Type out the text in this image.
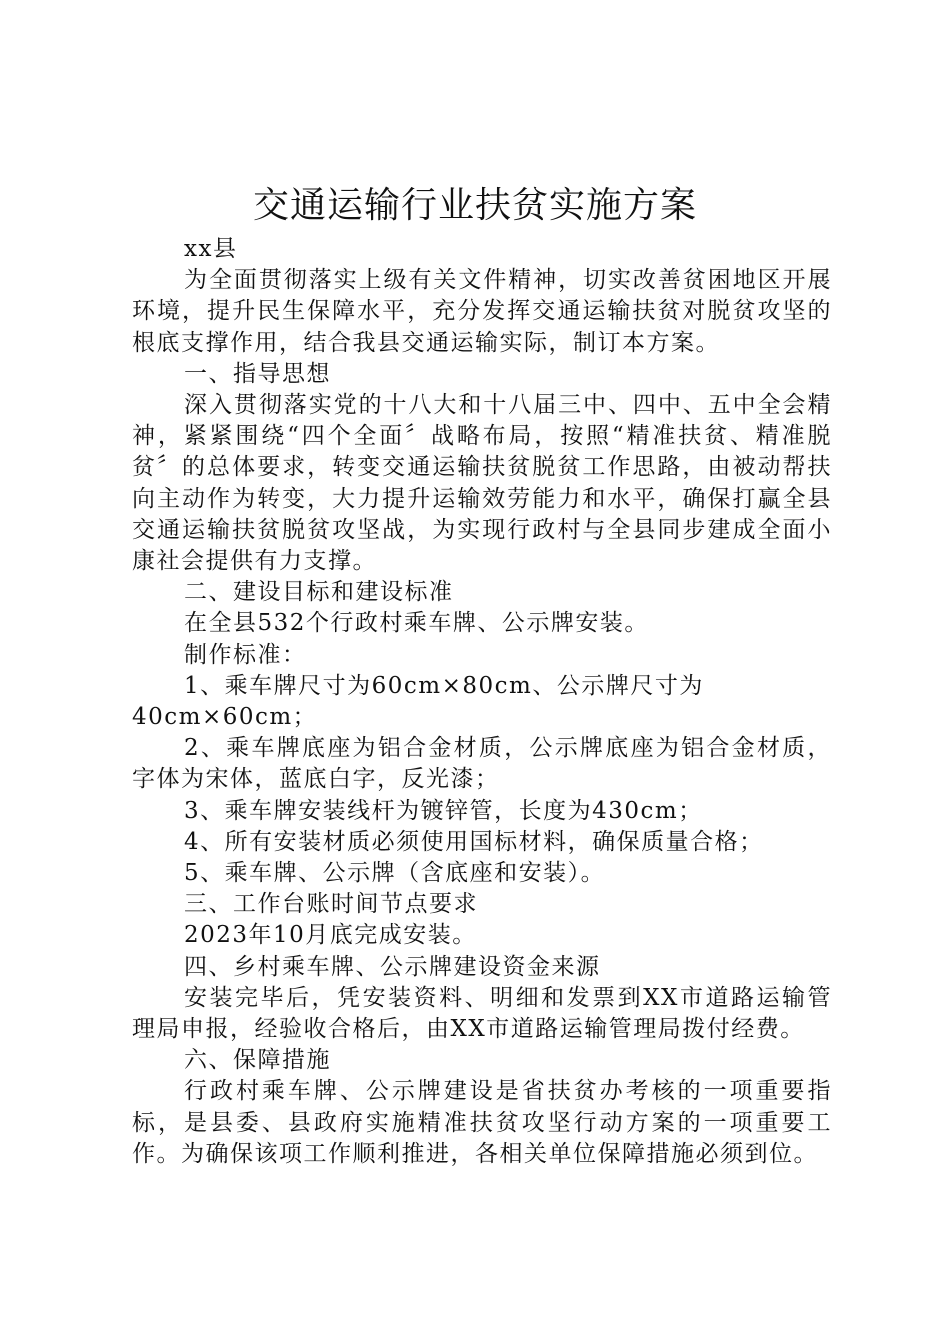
交通运输行业扶贫实施方案

xx县

为全面贯彻落实上级有关文件精神，切实改善贫困地区开展环境，提升民生保障水平，充分发挥交通运输扶贫对脱贫攻坚的根底支撑作用，结合我县交通运输实际，制订本方案。

一、指导思想

深入贯彻落实党的十八大和十八届三中、四中、五中全会精神，紧紧围绕“四个全面〞战略布局，按照“精准扶贫、精准脱贫〞的总体要求，转变交通运输扶贫脱贫工作思路，由被动帮扶向主动作为转变，大力提升运输效劳能力和水平，确保打赢全县交通运输扶贫脱贫攻坚战，为实现行政村与全县同步建成全面小康社会提供有力支撑。

二、建设目标和建设标准

在全县532个行政村乘车牌、公示牌安装。

制作标准：

1、乘车牌尺寸为60cm×80cm、公示牌尺寸为

40cm×60cm；

2、乘车牌底座为铝合金材质，公示牌底座为铝合金材质，字体为宋体，蓝底白字，反光漆；

3、乘车牌安装线杆为镀锌管，长度为430cm；

4、所有安装材质必须使用国标材料，确保质量合格；

5、乘车牌、公示牌（含底座和安装）。

三、工作台账时间节点要求

2023年10月底完成安装。

四、乡村乘车牌、公示牌建设资金来源

安装完毕后，凭安装资料、明细和发票到XX市道路运输管理局申报，经验收合格后，由XX市道路运输管理局拨付经费。

六、保障措施

行政村乘车牌、公示牌建设是省扶贫办考核的一项重要指标，是县委、县政府实施精准扶贫攻坚行动方案的一项重要工作。为确保该项工作顺利推进，各相关单位保障措施必须到位。
